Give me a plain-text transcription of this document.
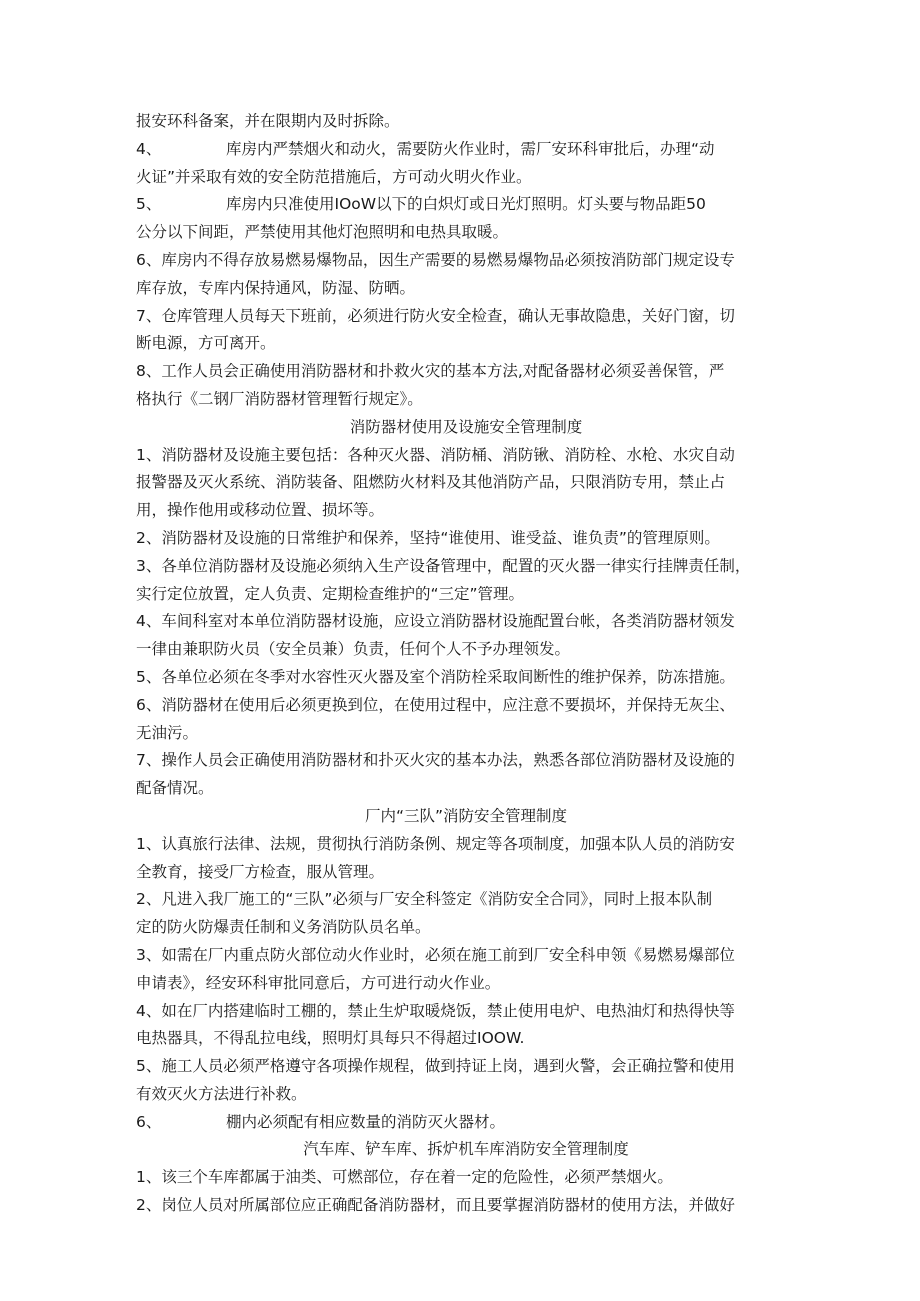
报安环科备案，并在限期内及时拆除。
4、	库房内严禁烟火和动火，需要防火作业时，需厂安环科审批后，办理“动
火证”并采取有效的安全防范措施后，方可动火明火作业。
5、	库房内只准使用IOoW以下的白炽灯或日光灯照明。灯头要与物品距50
公分以下间距，严禁使用其他灯泡照明和电热具取暖。
6、库房内不得存放易燃易爆物品，因生产需要的易燃易爆物品必须按消防部门规定设专
库存放，专库内保持通风，防湿、防晒。
7、仓库管理人员每天下班前，必须进行防火安全检查，确认无事故隐患，关好门窗，切
断电源，方可离开。
8、工作人员会正确使用消防器材和扑救火灾的基本方法,对配备器材必须妥善保管，严
格执行《二钢厂消防器材管理暂行规定》。
消防器材使用及设施安全管理制度
1、消防器材及设施主要包括：各种灭火器、消防桶、消防锹、消防栓、水枪、水灾自动
报警器及灭火系统、消防装备、阻燃防火材料及其他消防产品，只限消防专用，禁止占
用，操作他用或移动位置、损坏等。
2、消防器材及设施的日常维护和保养，坚持“谁使用、谁受益、谁负责”的管理原则。
3、各单位消防器材及设施必须纳入生产设备管理中，配置的灭火器一律实行挂牌责任制，
实行定位放置，定人负责、定期检查维护的“三定”管理。
4、车间科室对本单位消防器材设施，应设立消防器材设施配置台帐，各类消防器材领发
一律由兼职防火员（安全员兼）负责，任何个人不予办理领发。
5、各单位必须在冬季对水容性灭火器及室个消防栓采取间断性的维护保养，防冻措施。
6、消防器材在使用后必须更换到位，在使用过程中，应注意不要损坏，并保持无灰尘、
无油污。
7、操作人员会正确使用消防器材和扑灭火灾的基本办法，熟悉各部位消防器材及设施的
配备情况。
厂内“三队”消防安全管理制度
1、认真旅行法律、法规，贯彻执行消防条例、规定等各项制度，加强本队人员的消防安
全教育，接受厂方检查，服从管理。
2、凡进入我厂施工的“三队”必须与厂安全科签定《消防安全合同》，同时上报本队制
定的防火防爆责任制和义务消防队员名单。
3、如需在厂内重点防火部位动火作业时，必须在施工前到厂安全科申领《易燃易爆部位
申请表》，经安环科审批同意后，方可进行动火作业。
4、如在厂内搭建临时工棚的，禁止生炉取暖烧饭，禁止使用电炉、电热油灯和热得快等
电热器具，不得乱拉电线，照明灯具每只不得超过IOOW.
5、施工人员必须严格遵守各项操作规程，做到持证上岗，遇到火警，会正确拉警和使用
有效灭火方法进行补救。
6、	棚内必须配有相应数量的消防灭火器材。
汽车库、铲车库、拆炉机车库消防安全管理制度
1、该三个车库都属于油类、可燃部位，存在着一定的危险性，必须严禁烟火。
2、岗位人员对所属部位应正确配备消防器材，而且要掌握消防器材的使用方法，并做好
